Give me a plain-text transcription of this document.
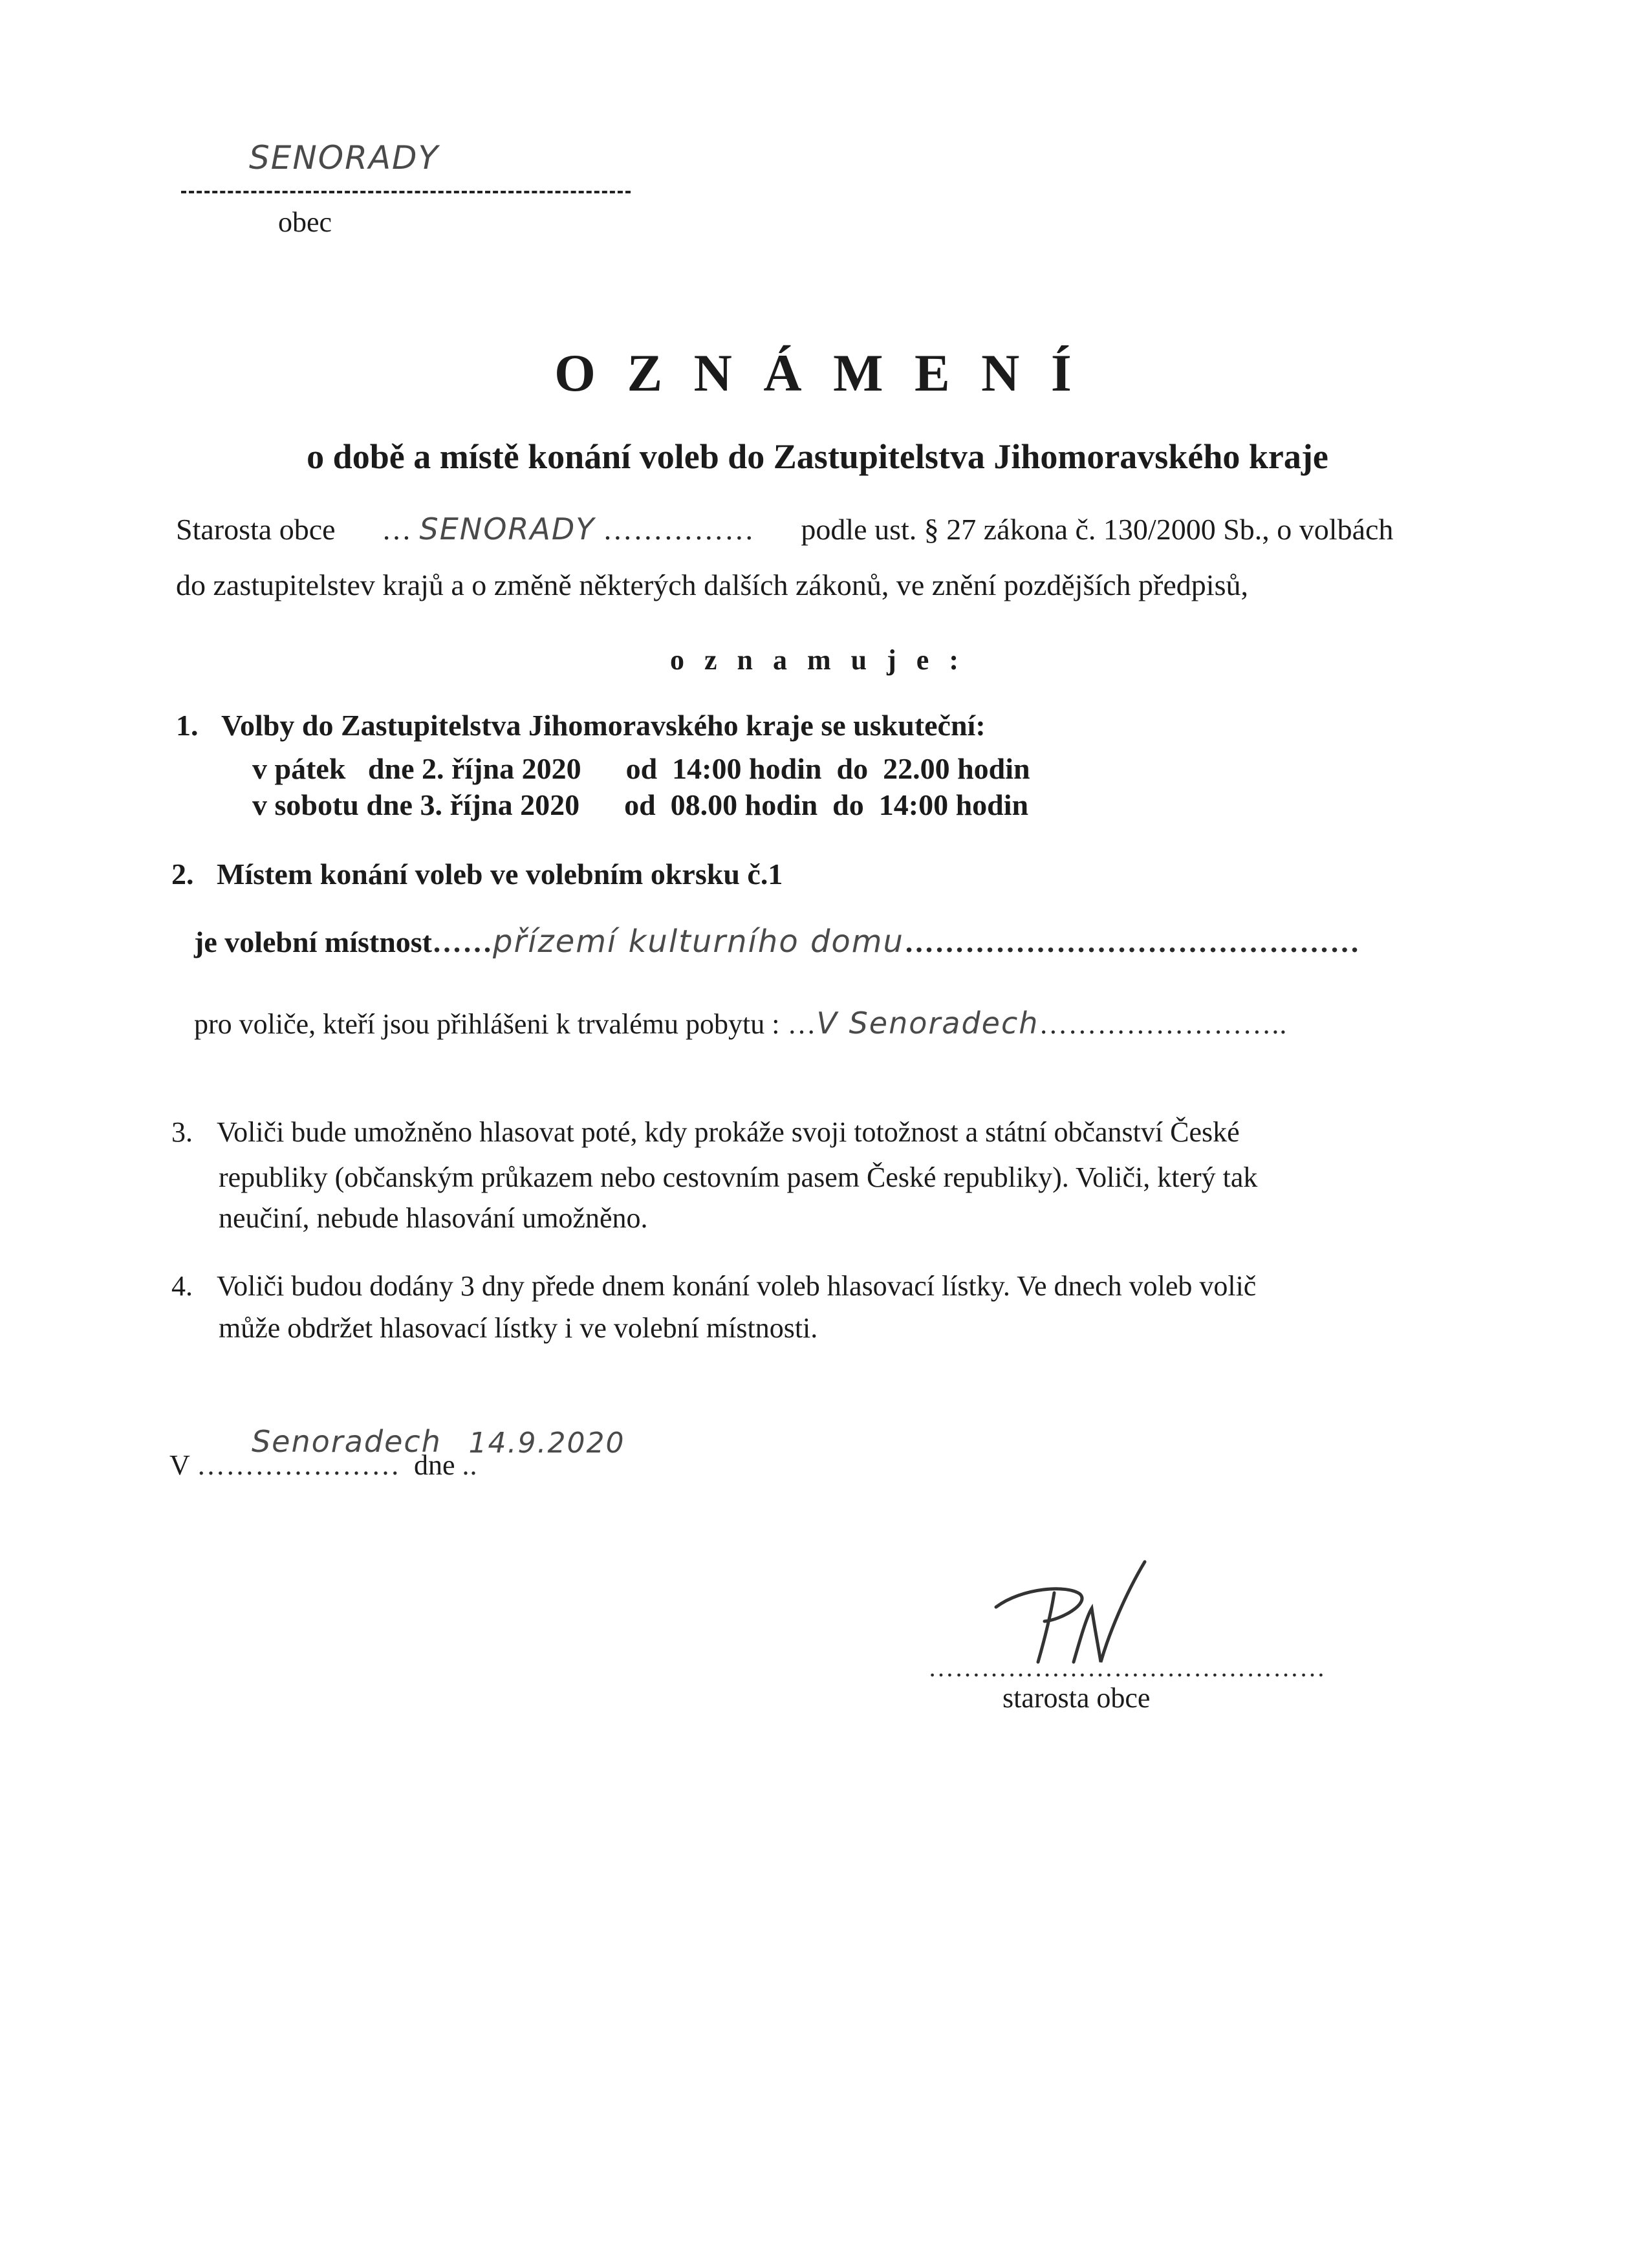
SENORADY
obec
O Z N Á M E N Í
o době a místě konání voleb do Zastupitelstva Jihomoravského kraje
Starosta obce … SENORADY …………… podle ust. § 27 zákona č. 130/2000 Sb., o volbách
do zastupitelstev krajů a o změně některých dalších zákonů, ve znění pozdějších předpisů,
o z n a m u j e :
1. Volby do Zastupitelstva Jihomoravského kraje se uskuteční:
v pátek   dne 2. října 2020      od  14:00 hodin  do  22.00 hodin
v sobotu dne 3. října 2020      od  08.00 hodin  do  14:00 hodin
2. Místem konání voleb ve volebním okrsku č.1
je volební místnost……přízemí kulturního domu………………………………………
pro voliče, kteří jsou přihlášeni k trvalému pobytu : …V Senoradech……………………..
3. Voliči bude umožněno hlasovat poté, kdy prokáže svoji totožnost a státní občanství České
republiky (občanským průkazem nebo cestovním pasem České republiky). Voliči, který tak
neučiní, nebude hlasování umožněno.
4. Voliči budou dodány 3 dny přede dnem konání voleb hlasovací lístky. Ve dnech voleb volič
může obdržet hlasovací lístky i ve volební místnosti.
V …………………
Senoradech
dne ..
14.9.2020
………………………………………
starosta obce
